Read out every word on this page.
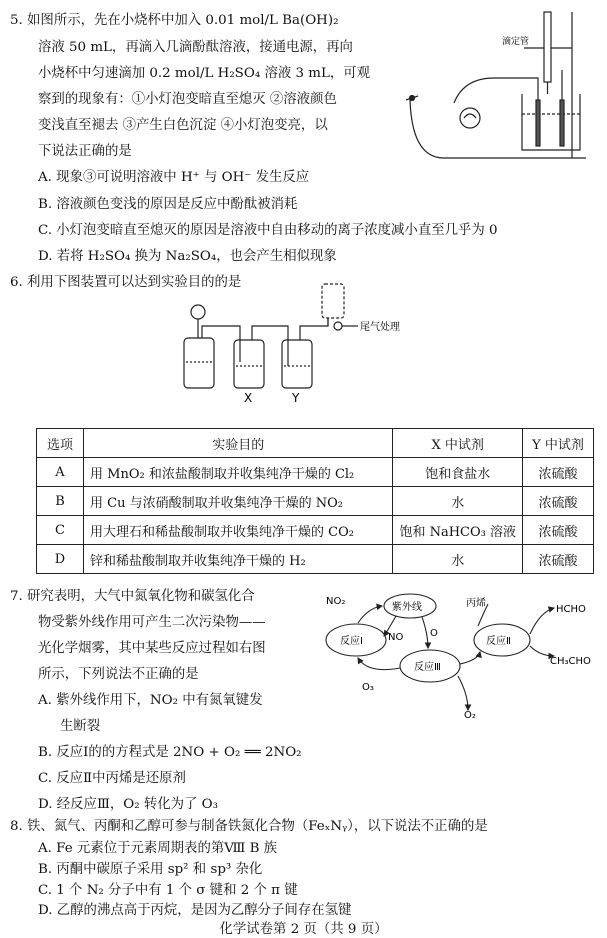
5. 如图所示，先在小烧杯中加入 0.01 mol/L Ba(OH)₂
溶液 50 mL，再滴入几滴酚酞溶液，接通电源，再向
小烧杯中匀速滴加 0.2 mol/L H₂SO₄ 溶液 3 mL，可观
察到的现象有：①小灯泡变暗直至熄灭 ②溶液颜色
变浅直至褪去 ③产生白色沉淀 ④小灯泡变亮，以
下说法正确的是
A. 现象③可说明溶液中 H⁺ 与 OH⁻ 发生反应
B. 溶液颜色变浅的原因是反应中酚酞被消耗
C. 小灯泡变暗直至熄灭的原因是溶液中自由移动的离子浓度减小直至几乎为 0
D. 若将 H₂SO₄ 换为 Na₂SO₄，也会产生相似现象
滴定管
6. 利用下图装置可以达到实验目的的是
X	Y
尾气处理
选项	实验目的	X 中试剂	Y 中试剂
A	用 MnO₂ 和浓盐酸制取并收集纯净干燥的 Cl₂	饱和食盐水	浓硫酸
B	用 Cu 与浓硝酸制取并收集纯净干燥的 NO₂	水	浓硫酸
C	用大理石和稀盐酸制取并收集纯净干燥的 CO₂	饱和 NaHCO₃ 溶液	浓硫酸
D	锌和稀盐酸制取并收集纯净干燥的 H₂	水	浓硫酸
7. 研究表明，大气中氮氧化物和碳氢化合
物受紫外线作用可产生二次污染物——
光化学烟雾，其中某些反应过程如右图
所示，下列说法不正确的是
A. 紫外线作用下，NO₂ 中有氮氧键发
生断裂
B. 反应Ⅰ的的方程式是 2NO + O₂ ══ 2NO₂
C. 反应Ⅱ中丙烯是还原剂
D. 经反应Ⅲ，O₂ 转化为了 O₃
NO₂
紫外线
反应Ⅰ	NO	O
反应Ⅱ
反应Ⅲ
O₃
O₂
丙烯
HCHO
CH₃CHO
8. 铁、氮气、丙酮和乙醇可参与制备铁氮化合物（FeₓNᵧ），以下说法不正确的是
A. Fe 元素位于元素周期表的第Ⅷ B 族
B. 丙酮中碳原子采用 sp² 和 sp³ 杂化
化学试卷第 2 页（共 9 页）
C. 1 个 N₂ 分子中有 1 个 σ 键和 2 个 π 键
D. 乙醇的沸点高于丙烷，是因为乙醇分子间存在氢键
